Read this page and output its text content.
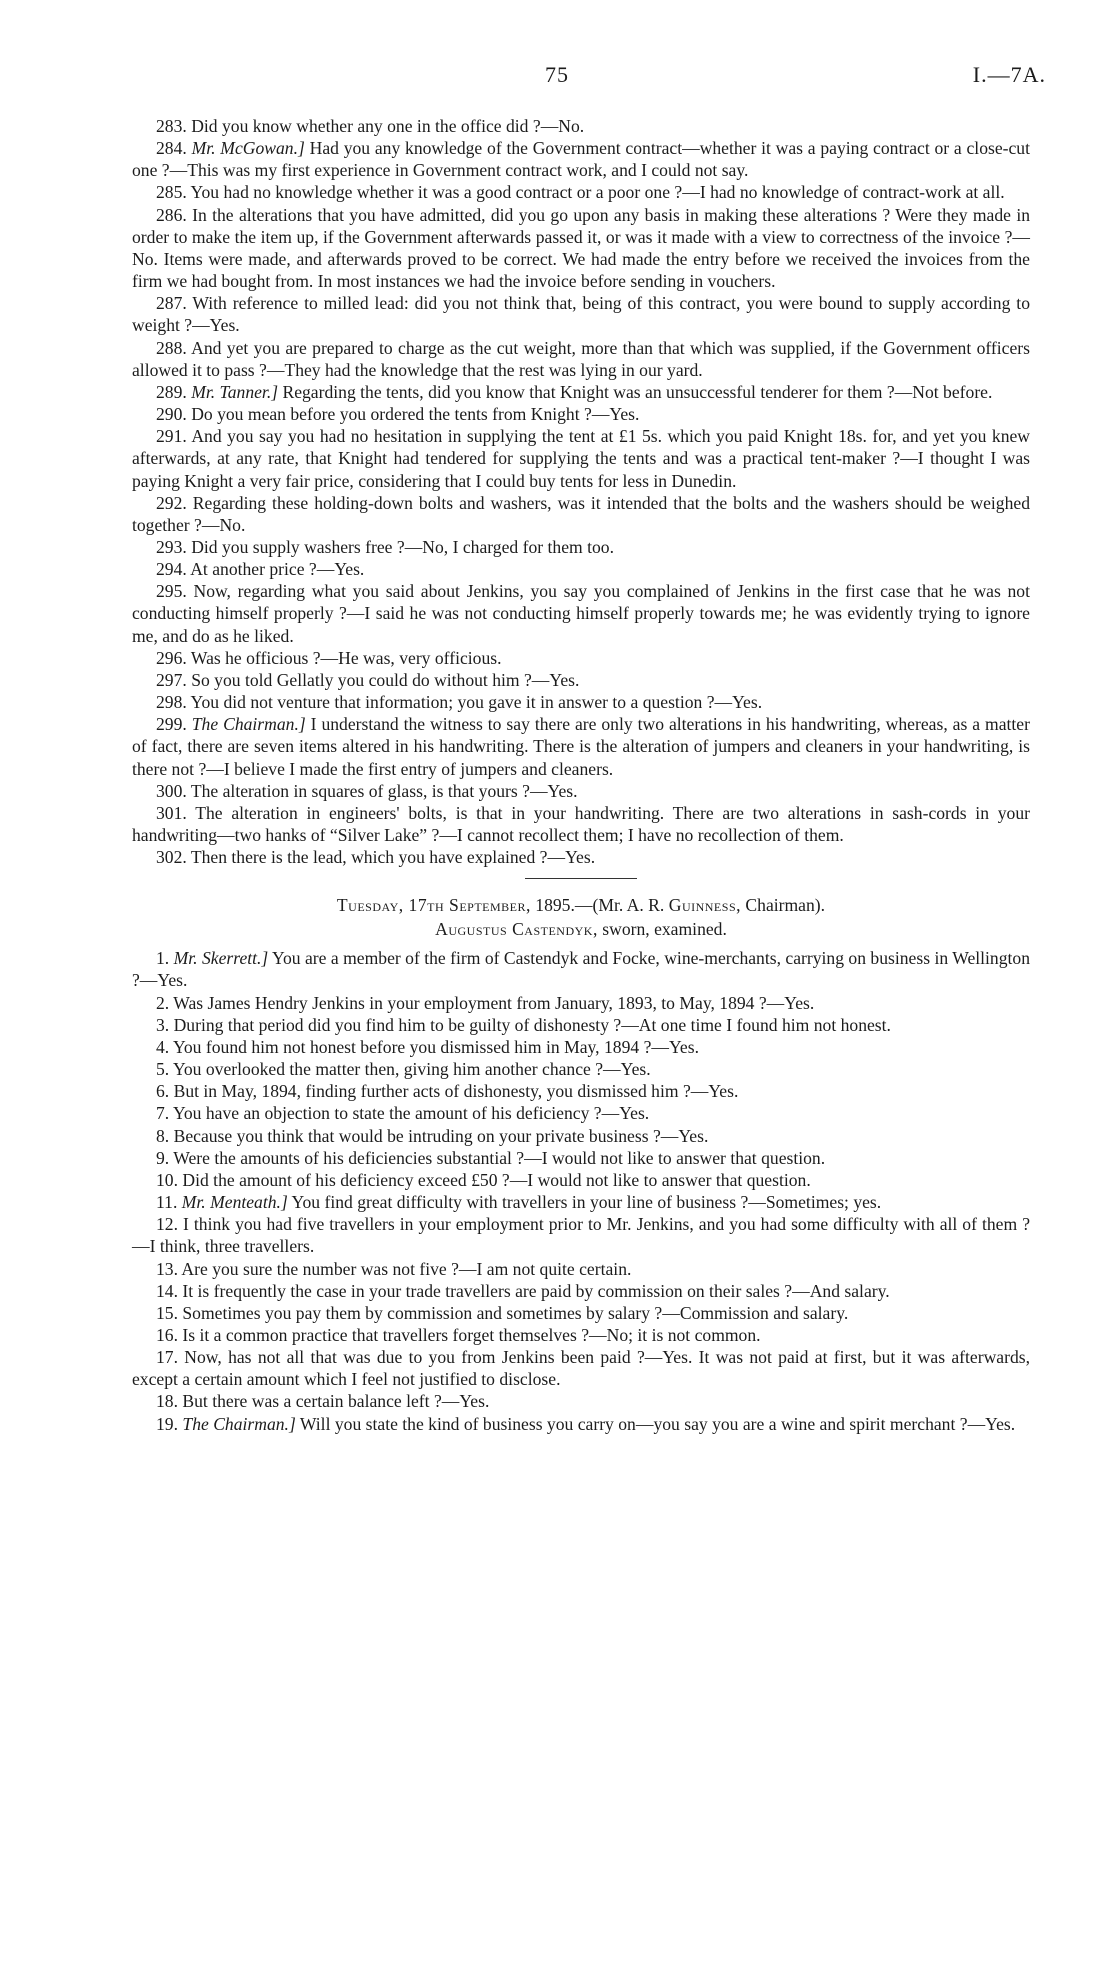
75	I.—7A.

283. Did you know whether any one in the office did ?—No.

284. Mr. McGowan.] Had you any knowledge of the Government contract—whether it was a paying contract or a close-cut one ?—This was my first experience in Government contract work, and I could not say.

285. You had no knowledge whether it was a good contract or a poor one ?—I had no knowledge of contract-work at all.

286. In the alterations that you have admitted, did you go upon any basis in making these alterations ? Were they made in order to make the item up, if the Government afterwards passed it, or was it made with a view to correctness of the invoice ?—No. Items were made, and afterwards proved to be correct. We had made the entry before we received the invoices from the firm we had bought from. In most instances we had the invoice before sending in vouchers.

287. With reference to milled lead: did you not think that, being of this contract, you were bound to supply according to weight ?—Yes.

288. And yet you are prepared to charge as the cut weight, more than that which was supplied, if the Government officers allowed it to pass ?—They had the knowledge that the rest was lying in our yard.

289. Mr. Tanner.] Regarding the tents, did you know that Knight was an unsuccessful tenderer for them ?—Not before.

290. Do you mean before you ordered the tents from Knight ?—Yes.

291. And you say you had no hesitation in supplying the tent at £1 5s. which you paid Knight 18s. for, and yet you knew afterwards, at any rate, that Knight had tendered for supplying the tents and was a practical tent-maker ?—I thought I was paying Knight a very fair price, considering that I could buy tents for less in Dunedin.

292. Regarding these holding-down bolts and washers, was it intended that the bolts and the washers should be weighed together ?—No.

293. Did you supply washers free ?—No, I charged for them too.

294. At another price ?—Yes.

295. Now, regarding what you said about Jenkins, you say you complained of Jenkins in the first case that he was not conducting himself properly ?—I said he was not conducting himself properly towards me; he was evidently trying to ignore me, and do as he liked.

296. Was he officious ?—He was, very officious.

297. So you told Gellatly you could do without him ?—Yes.

298. You did not venture that information; you gave it in answer to a question ?—Yes.

299. The Chairman.] I understand the witness to say there are only two alterations in his handwriting, whereas, as a matter of fact, there are seven items altered in his handwriting. There is the alteration of jumpers and cleaners in your handwriting, is there not ?—I believe I made the first entry of jumpers and cleaners.

300. The alteration in squares of glass, is that yours ?—Yes.

301. The alteration in engineers' bolts, is that in your handwriting. There are two alterations in sash-cords in your handwriting—two hanks of “Silver Lake” ?—I cannot recollect them; I have no recollection of them.

302. Then there is the lead, which you have explained ?—Yes.

Tuesday, 17th September, 1895.—(Mr. A. R. Guinness, Chairman).

Augustus Castendyk, sworn, examined.

1. Mr. Skerrett.] You are a member of the firm of Castendyk and Focke, wine-merchants, carrying on business in Wellington ?—Yes.

2. Was James Hendry Jenkins in your employment from January, 1893, to May, 1894 ?—Yes.

3. During that period did you find him to be guilty of dishonesty ?—At one time I found him not honest.

4. You found him not honest before you dismissed him in May, 1894 ?—Yes.

5. You overlooked the matter then, giving him another chance ?—Yes.

6. But in May, 1894, finding further acts of dishonesty, you dismissed him ?—Yes.

7. You have an objection to state the amount of his deficiency ?—Yes.

8. Because you think that would be intruding on your private business ?—Yes.

9. Were the amounts of his deficiencies substantial ?—I would not like to answer that question.

10. Did the amount of his deficiency exceed £50 ?—I would not like to answer that question.

11. Mr. Menteath.] You find great difficulty with travellers in your line of business ?—Sometimes; yes.

12. I think you had five travellers in your employment prior to Mr. Jenkins, and you had some difficulty with all of them ?—I think, three travellers.

13. Are you sure the number was not five ?—I am not quite certain.

14. It is frequently the case in your trade travellers are paid by commission on their sales ?—And salary.

15. Sometimes you pay them by commission and sometimes by salary ?—Commission and salary.

16. Is it a common practice that travellers forget themselves ?—No; it is not common.

17. Now, has not all that was due to you from Jenkins been paid ?—Yes. It was not paid at first, but it was afterwards, except a certain amount which I feel not justified to disclose.

18. But there was a certain balance left ?—Yes.

19. The Chairman.] Will you state the kind of business you carry on—you say you are a wine and spirit merchant ?—Yes.
